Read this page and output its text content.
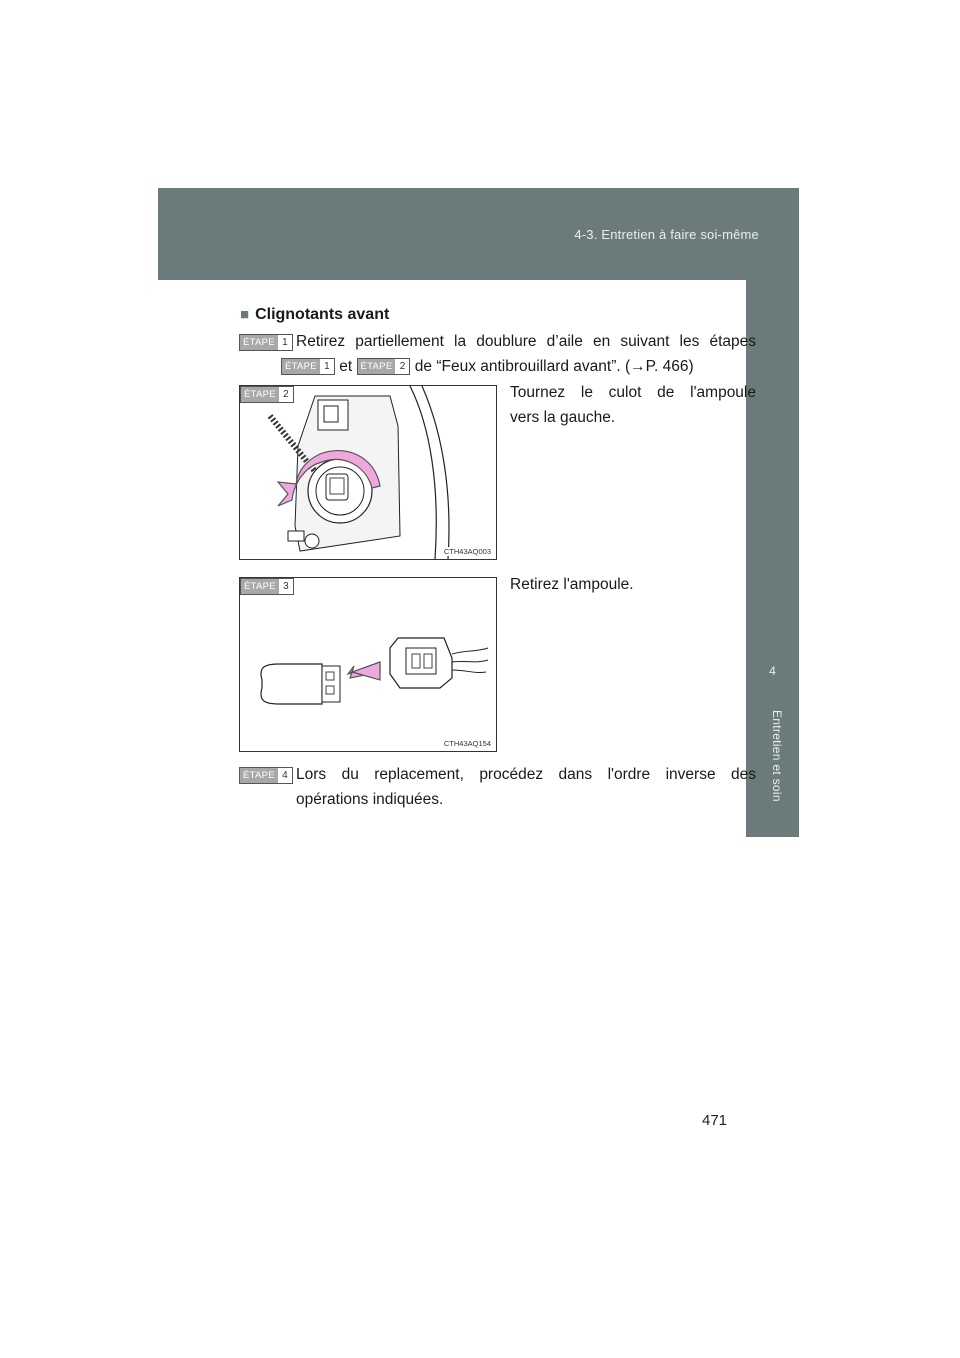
4-3. Entretien à faire soi-même
4
Entretien et soin
■ Clignotants avant
ÉTAPE 1 Retirez partiellement la doublure d’aile en suivant les étapes
ÉTAPE 1 et ÉTAPE 2 de “Feux antibrouillard avant”. (→P. 466)
ÉTAPE 2
CTH43AQ003
Tournez le culot de l'ampoule
vers la gauche.
ÉTAPE 3
CTH43AQ154
Retirez l'ampoule.
ÉTAPE 4 Lors du replacement, procédez dans l'ordre inverse des
opérations indiquées.
471
